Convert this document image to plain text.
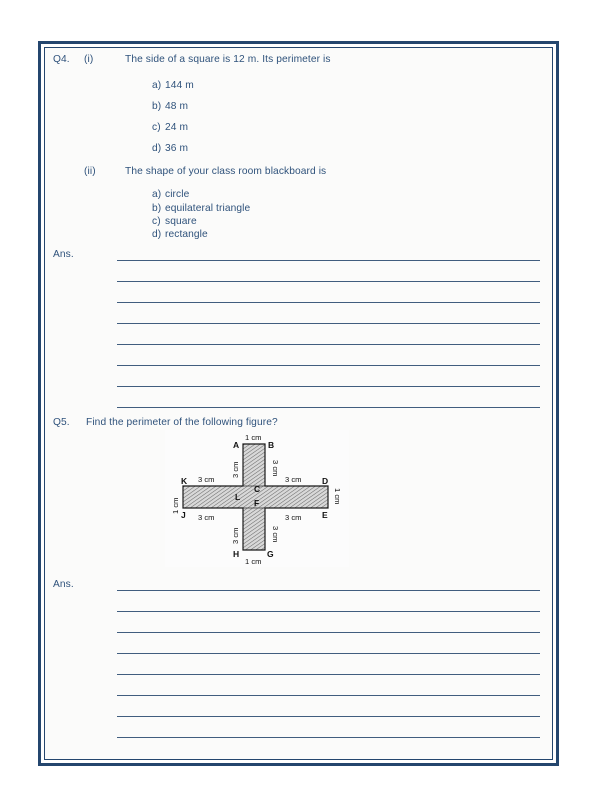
Q4. (i)	The side of a square is 12 m. Its perimeter is
a) 144 m
b) 48 m
c) 24 m
d) 36 m
(ii)	The shape of your class room blackboard is
a) circle
b) equilateral triangle
c) square
d) rectangle
Ans.
Q5. Find the perimeter of the following figure?
A	B
C
D
E
F
G
H
J
K
L
1 cm
1 cm
3 cm	3 cm
3 cm	3 cm
3 cm	3 cm
3 cm	3 cm
1 cm
1 cm
Ans.
